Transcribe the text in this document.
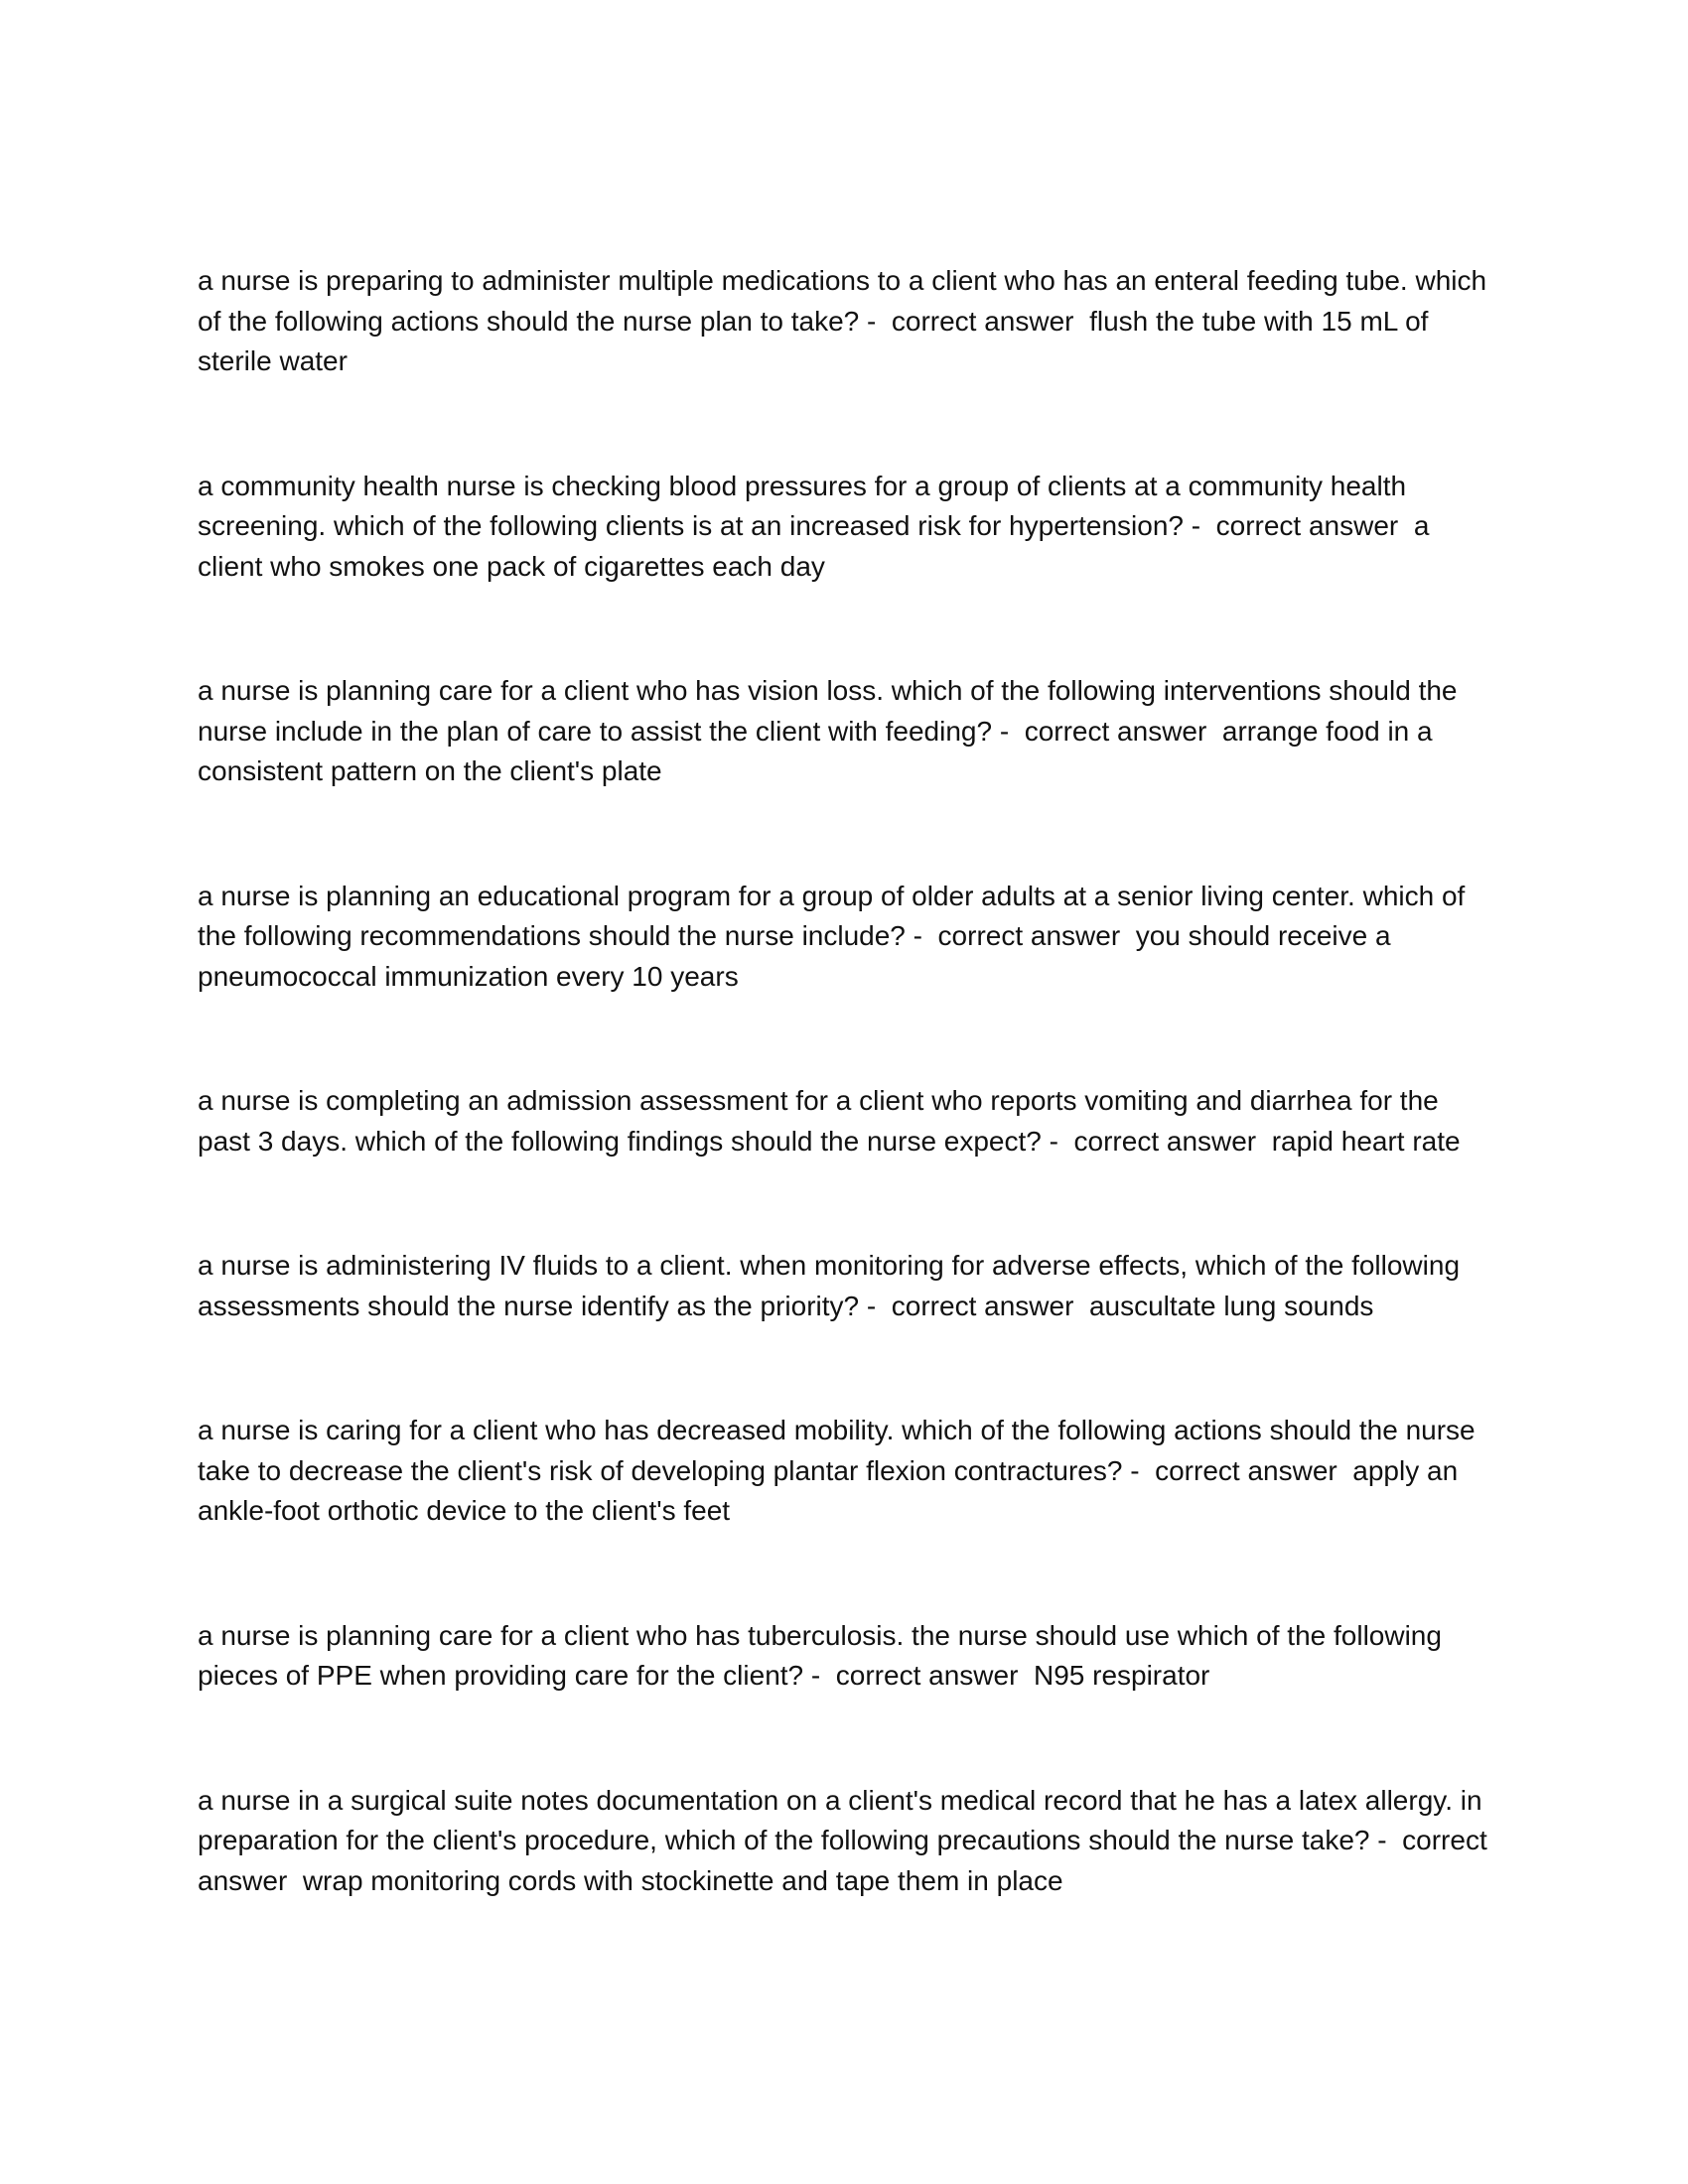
a nurse is preparing to administer multiple medications to a client who has an enteral feeding tube. which of the following actions should the nurse plan to take? -  correct answer  flush the tube with 15 mL of sterile water

a community health nurse is checking blood pressures for a group of clients at a community health screening. which of the following clients is at an increased risk for hypertension? -  correct answer  a client who smokes one pack of cigarettes each day

a nurse is planning care for a client who has vision loss. which of the following interventions should the nurse include in the plan of care to assist the client with feeding? -  correct answer  arrange food in a consistent pattern on the client's plate

a nurse is planning an educational program for a group of older adults at a senior living center. which of the following recommendations should the nurse include? -  correct answer  you should receive a pneumococcal immunization every 10 years

a nurse is completing an admission assessment for a client who reports vomiting and diarrhea for the past 3 days. which of the following findings should the nurse expect? -  correct answer  rapid heart rate

a nurse is administering IV fluids to a client. when monitoring for adverse effects, which of the following assessments should the nurse identify as the priority? -  correct answer  auscultate lung sounds

a nurse is caring for a client who has decreased mobility. which of the following actions should the nurse take to decrease the client's risk of developing plantar flexion contractures? -  correct answer  apply an ankle-foot orthotic device to the client's feet

a nurse is planning care for a client who has tuberculosis. the nurse should use which of the following pieces of PPE when providing care for the client? -  correct answer  N95 respirator

a nurse in a surgical suite notes documentation on a client's medical record that he has a latex allergy. in preparation for the client's procedure, which of the following precautions should the nurse take? -  correct answer  wrap monitoring cords with stockinette and tape them in place
